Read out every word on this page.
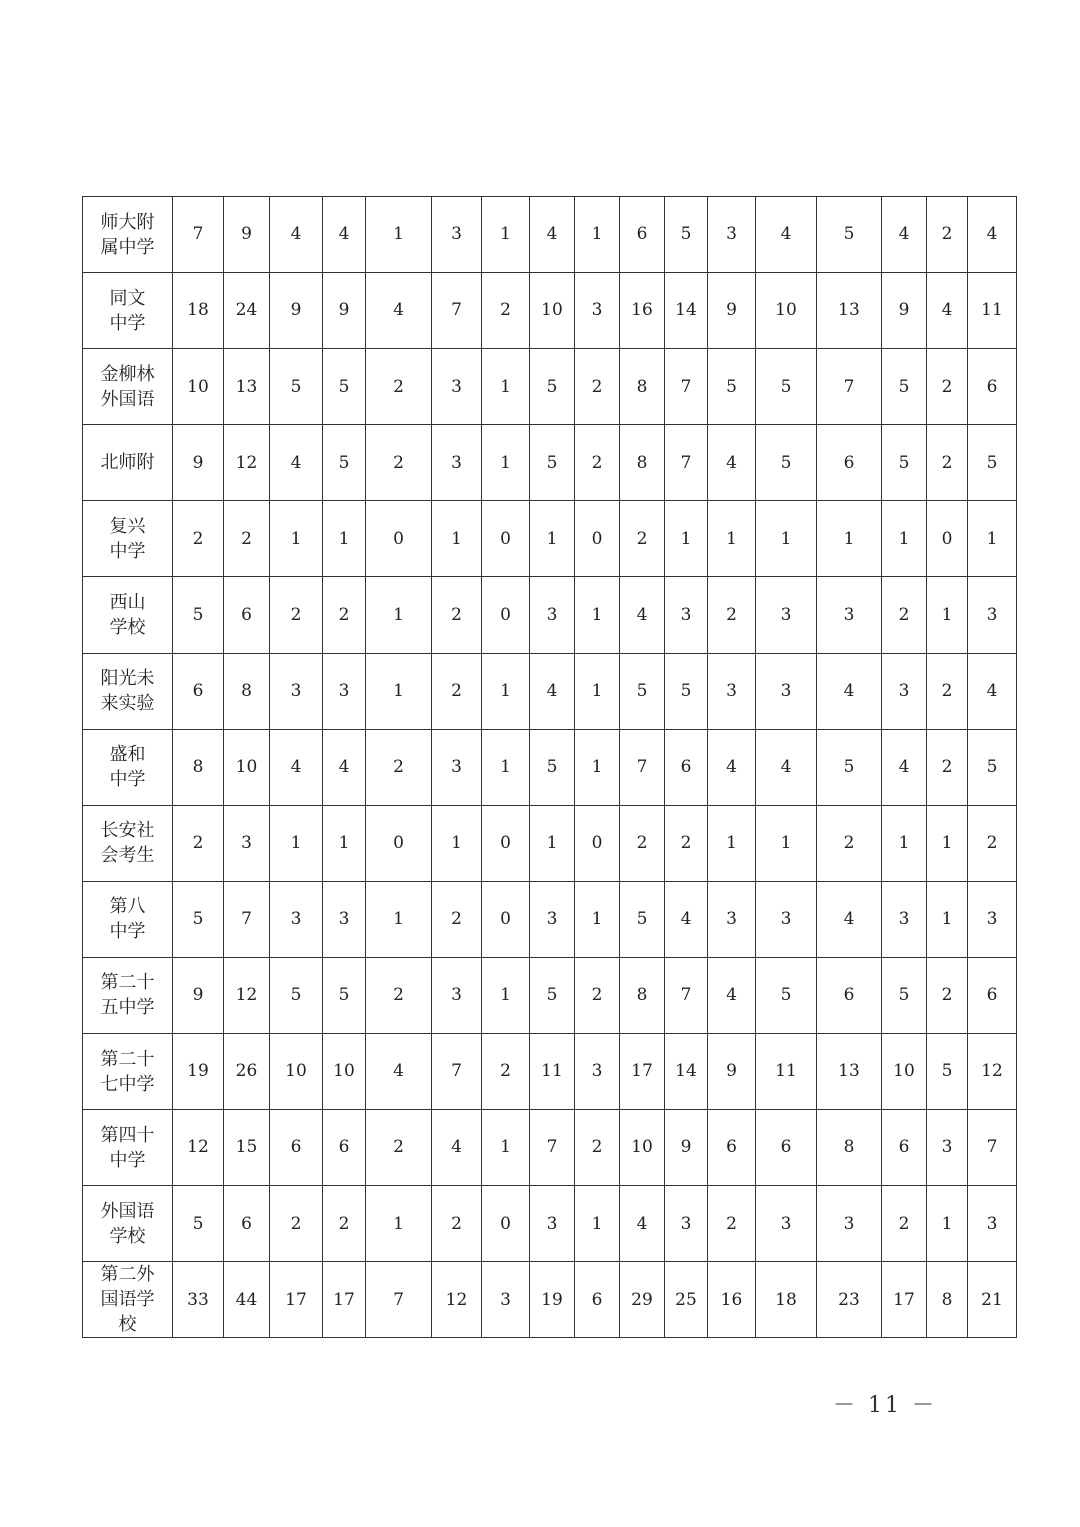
师大附
属中学	7	9	4	4	1	3	1	4	1	6	5	3	4	5	4	2	4
同文
中学	18	24	9	9	4	7	2	10	3	16	14	9	10	13	9	4	11
金柳林
外国语	10	13	5	5	2	3	1	5	2	8	7	5	5	7	5	2	6
北师附	9	12	4	5	2	3	1	5	2	8	7	4	5	6	5	2	5
复兴
中学	2	2	1	1	0	1	0	1	0	2	1	1	1	1	1	0	1
西山
学校	5	6	2	2	1	2	0	3	1	4	3	2	3	3	2	1	3
阳光未
来实验	6	8	3	3	1	2	1	4	1	5	5	3	3	4	3	2	4
盛和
中学	8	10	4	4	2	3	1	5	1	7	6	4	4	5	4	2	5
长安社
会考生	2	3	1	1	0	1	0	1	0	2	2	1	1	2	1	1	2
第八
中学	5	7	3	3	1	2	0	3	1	5	4	3	3	4	3	1	3
第二十
五中学	9	12	5	5	2	3	1	5	2	8	7	4	5	6	5	2	6
第二十
七中学	19	26	10	10	4	7	2	11	3	17	14	9	11	13	10	5	12
第四十
中学	12	15	6	6	2	4	1	7	2	10	9	6	6	8	6	3	7
外国语
学校	5	6	2	2	1	2	0	3	1	4	3	2	3	3	2	1	3
第二外
国语学
校	33	44	17	17	7	12	3	19	6	29	25	16	18	23	17	8	21
－ 11 －
